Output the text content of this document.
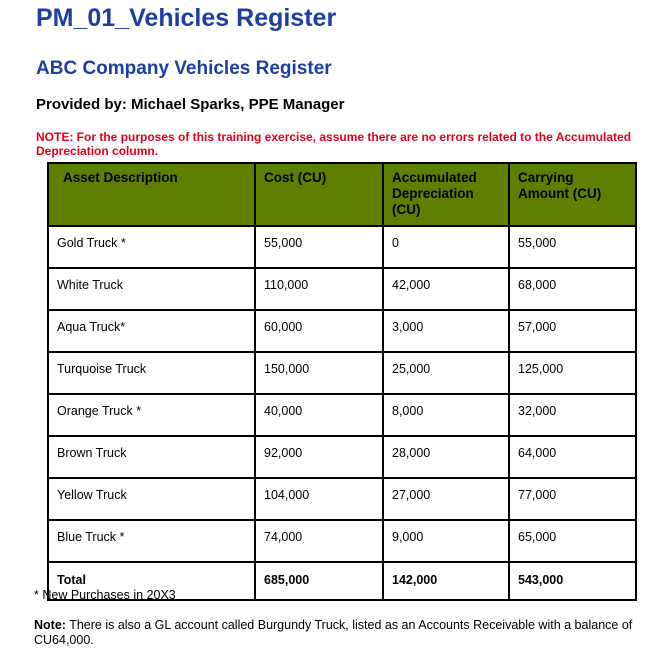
PM_01_Vehicles Register
ABC Company Vehicles Register
Provided by: Michael Sparks, PPE Manager
NOTE: For the purposes of this training exercise, assume there are no errors related to the Accumulated Depreciation column.
Asset Description	Cost (CU)	Accumulated Depreciation (CU)	Carrying Amount (CU)
Gold Truck *	55,000	0	55,000
White Truck	110,000	42,000	68,000
Aqua Truck*	60,000	3,000	57,000
Turquoise Truck	150,000	25,000	125,000
Orange Truck *	40,000	8,000	32,000
Brown Truck	92,000	28,000	64,000
Yellow Truck	104,000	27,000	77,000
Blue Truck *	74,000	9,000	65,000
Total	685,000	142,000	543,000
* New Purchases in 20X3
Note: There is also a GL account called Burgundy Truck, listed as an Accounts Receivable with a balance of CU64,000.
